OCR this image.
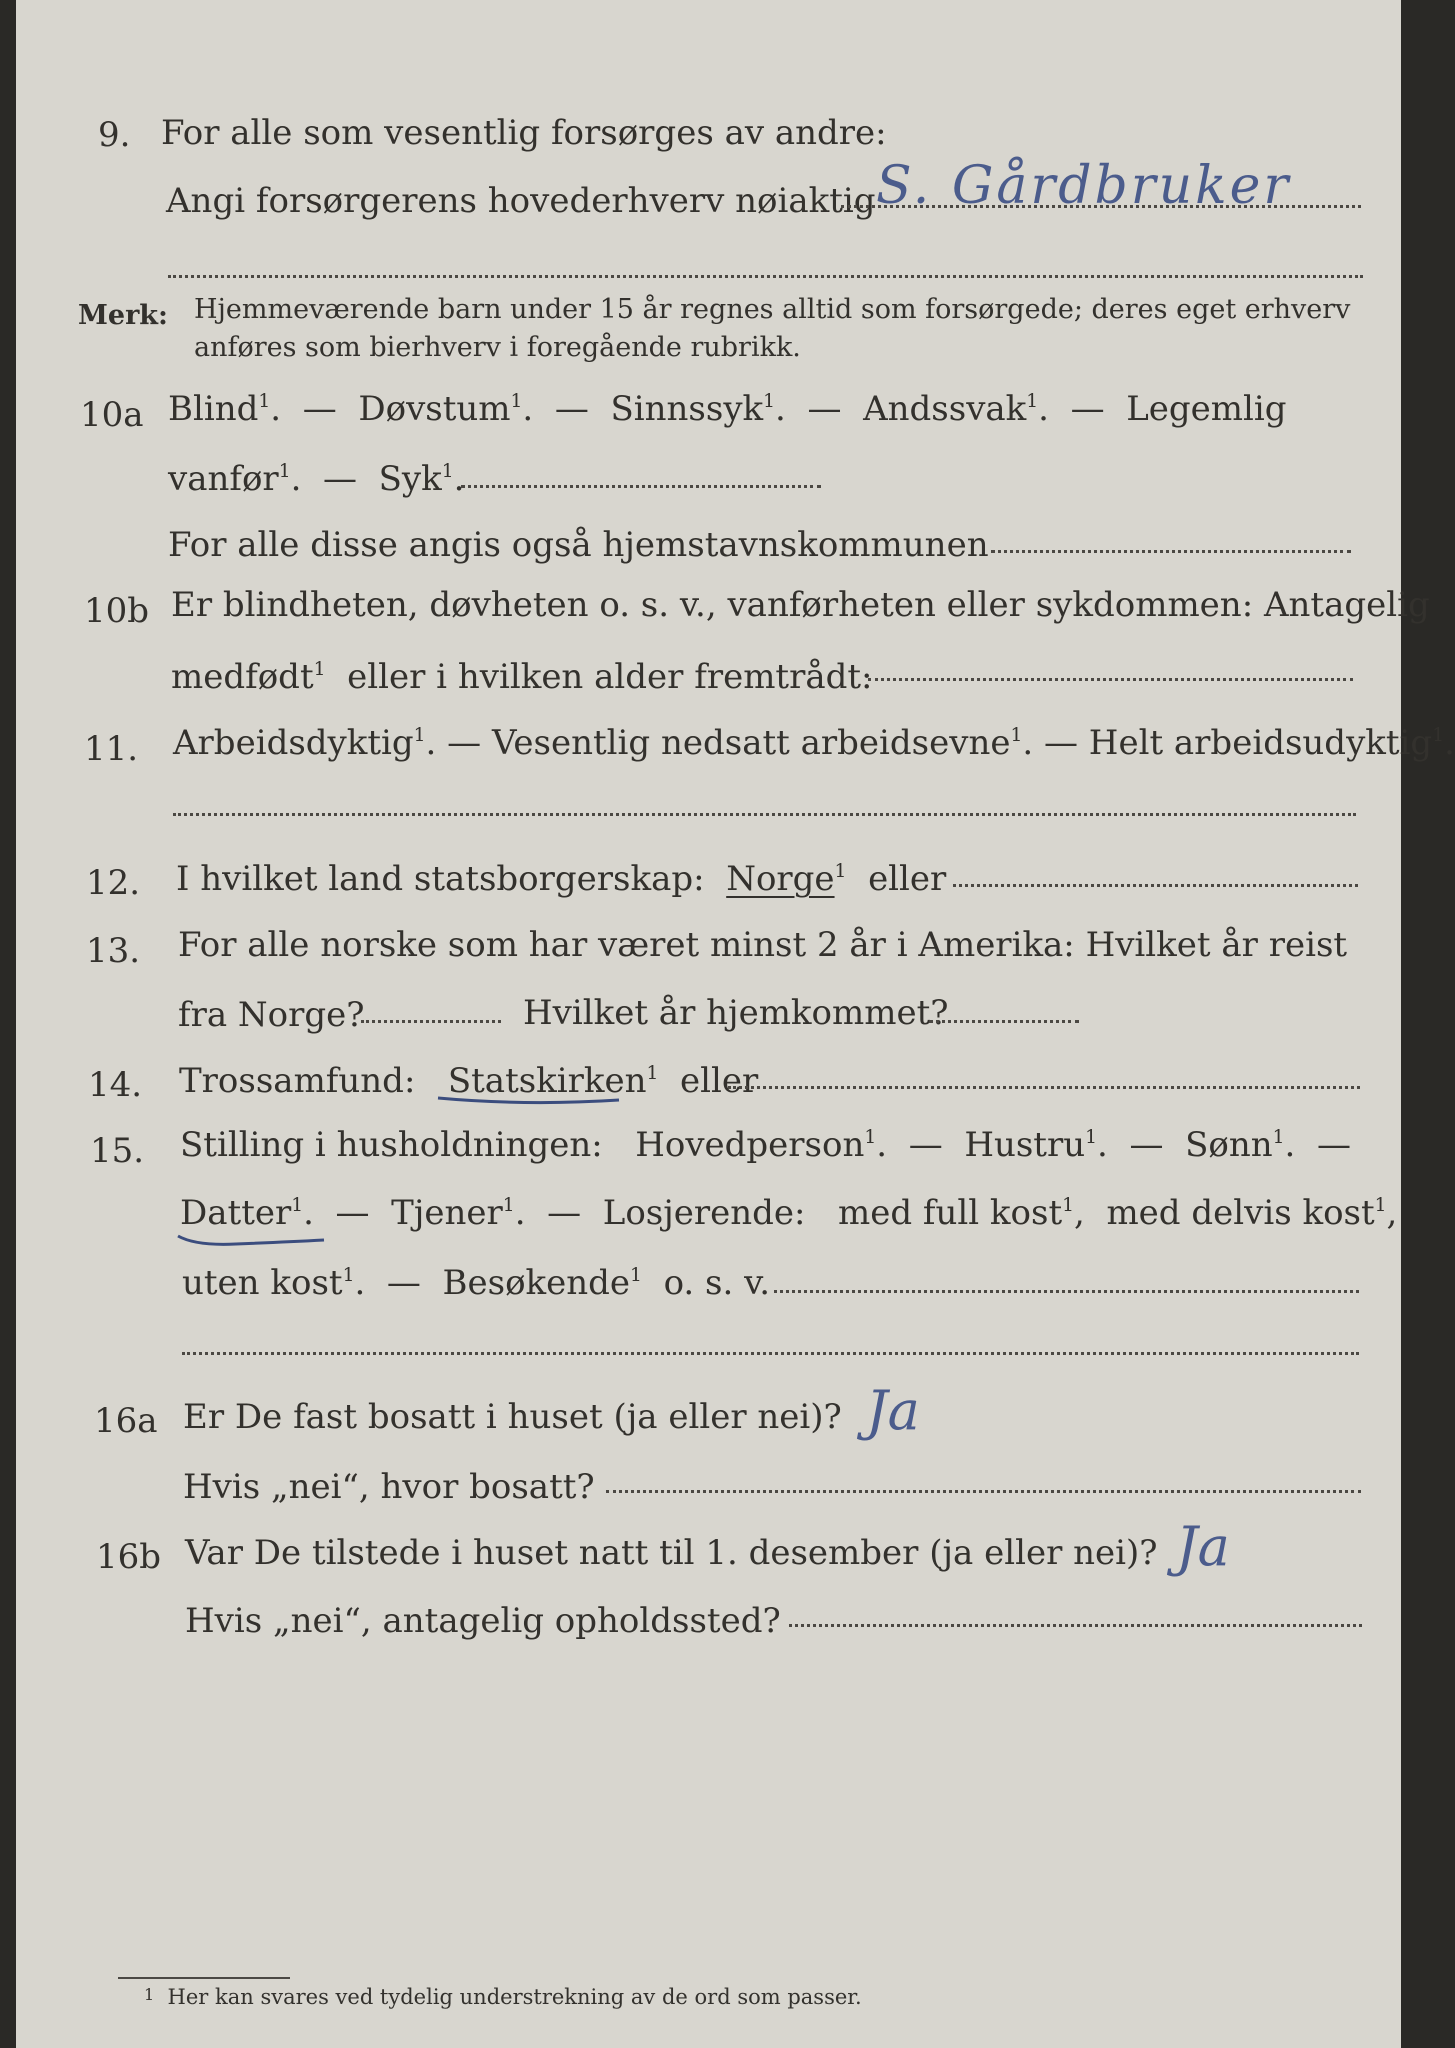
9. For alle som vesentlig forsørges av andre:
Angi forsørgerens hovederhverv nøiaktig S. Gårdbruker
Merk: Hjemmeværende barn under 15 år regnes alltid som forsørgede; deres eget erhverv
anføres som bierhverv i foregående rubrikk.
10a Blind$^1$.  —  Døvstum$^1$.  —  Sinnssyk$^1$.  —  Andssvak$^1$.  —  Legemlig
vanfør$^1$.  —  Syk$^1$.
For alle disse angis også hjemstavnskommunen
10b Er blindheten, døvheten o. s. v., vanførheten eller sykdommen: Antagelig
medfødt$^1$ eller i hvilken alder fremtrådt:
11. Arbeidsdyktig$^1$. — Vesentlig nedsatt arbeidsevne$^1$. — Helt arbeidsudyktig$^1$.
12. I hvilket land statsborgerskap: Norge$^1$ eller
13. For alle norske som har været minst 2 år i Amerika: Hvilket år reist
fra Norge?	Hvilket år hjemkommet?
14. Trossamfund: Statskirken$^1$ eller
15. Stilling i husholdningen: Hovedperson$^1$.  —  Hustru$^1$.  —  Sønn$^1$.  —
Datter$^1$.  —  Tjener$^1$.  —  Losjerende: med full kost$^1$,  med delvis kost$^1$,
uten kost$^1$.  —  Besøkende$^1$ o. s. v.
16a Er De fast bosatt i huset (ja eller nei)? Ja
Hvis „nei“, hvor bosatt?
16b Var De tilstede i huset natt til 1. desember (ja eller nei)? Ja
Hvis „nei“, antagelig opholdssted?
1 Her kan svares ved tydelig understrekning av de ord som passer.
